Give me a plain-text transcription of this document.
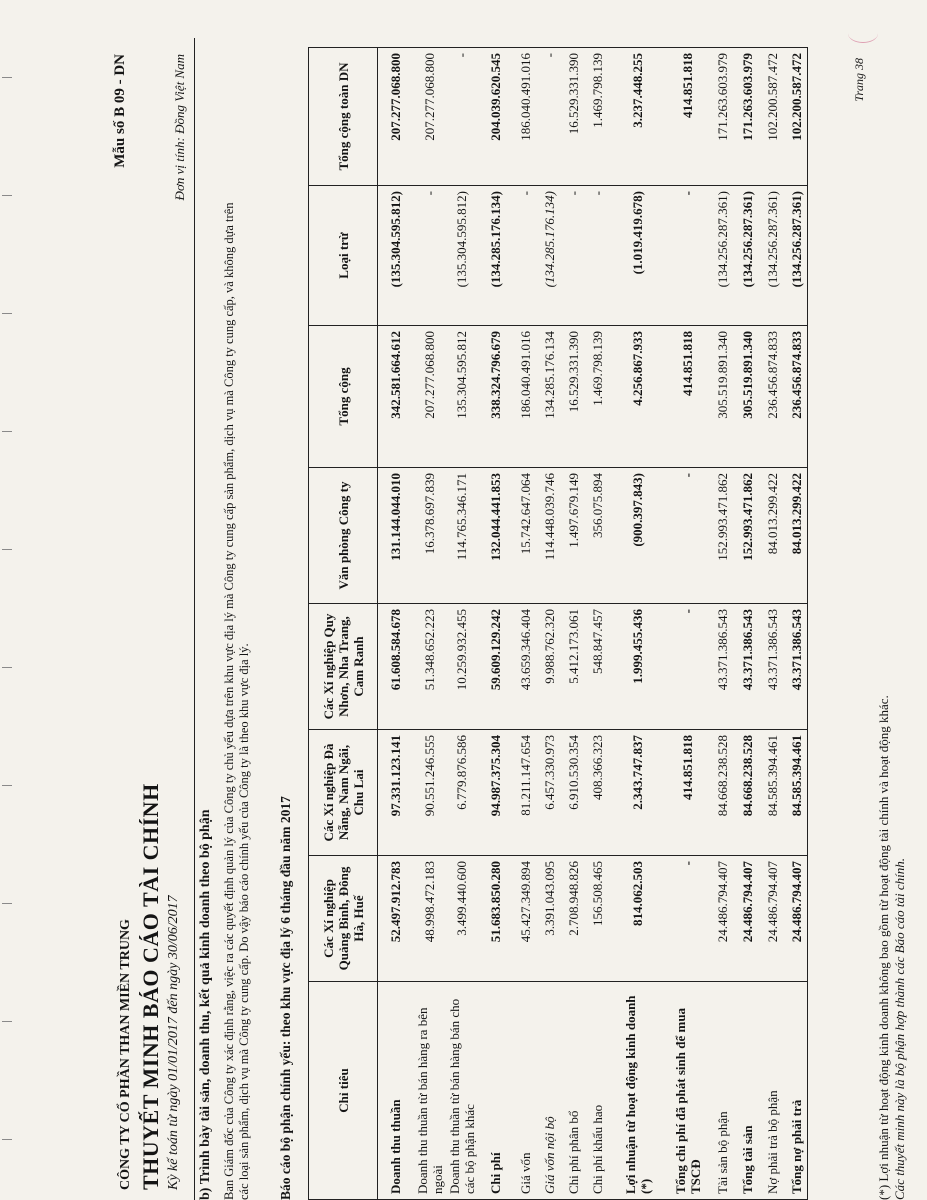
CÔNG TY CỔ PHẦN THAN MIỀN TRUNG
Mẫu số B 09 - DN
THUYẾT MINH BÁO CÁO TÀI CHÍNH Kỳ kế toán từ ngày 01/01/2017 đến ngày 30/06/2017
Đơn vị tính: Đồng Việt Nam
b) Trình bày tài sản, doanh thu, kết quả kinh doanh theo bộ phận Ban Giám đốc của Công ty xác định rằng, việc ra các quyết định quản lý của Công ty chủ yếu dựa trên khu vực địa lý mà Công ty cung cấp sản phẩm, dịch vụ mà Công ty cung cấp, và không dựa trên các loại sản phẩm, dịch vụ mà Công ty cung cấp. Do vậy báo cáo chính yếu của Công ty là theo khu vực địa lý. Báo cáo bộ phận chính yếu: theo khu vực địa lý 6 tháng đầu năm 2017	Chỉ tiêu	Các Xí nghiệp Quảng Bình, Đông Hà, Huế	Các Xí nghiệp Đà Nẵng, Nam Ngãi, Chu Lai	Các Xí nghiệp Quy Nhơn, Nha Trang, Cam Ranh	Văn phòng Công ty	Tổng cộng	Loại trừ	Tổng cộng toàn DN
Doanh thu thuần	52.497.912.783	97.331.123.141	61.608.584.678	131.144.044.010	342.581.664.612	(135.304.595.812)	207.277.068.800
Doanh thu thuần từ bán hàng ra bên ngoài	48.998.472.183	90.551.246.555	51.348.652.223	16.378.697.839	207.277.068.800	-	207.277.068.800
Doanh thu thuần từ bán hàng bán cho các bộ phận khác	3.499.440.600	6.779.876.586	10.259.932.455	114.765.346.171	135.304.595.812	(135.304.595.812)	-
Chi phí	51.683.850.280	94.987.375.304	59.609.129.242	132.044.441.853	338.324.796.679	(134.285.176.134)	204.039.620.545
Giá vốn	45.427.349.894	81.211.147.654	43.659.346.404	15.742.647.064	186.040.491.016	-	186.040.491.016
Giá vốn nội bộ	3.391.043.095	6.457.330.973	9.988.762.320	114.448.039.746	134.285.176.134	(134.285.176.134)	-
Chi phí phân bổ	2.708.948.826	6.910.530.354	5.412.173.061	1.497.679.149	16.529.331.390	-	16.529.331.390
Chi phí khấu hao	156.508.465	408.366.323	548.847.457	356.075.894	1.469.798.139	-	1.469.798.139
Lợi nhuận từ hoạt động kinh doanh (*)	814.062.503	2.343.747.837	1.999.455.436	(900.397.843)	4.256.867.933	(1.019.419.678)	3.237.448.255
Tổng chi phí đã phát sinh để mua TSCĐ	-	414.851.818	-	-	414.851.818	-	414.851.818
Tài sản bộ phận	24.486.794.407	84.668.238.528	43.371.386.543	152.993.471.862	305.519.891.340	(134.256.287.361)	171.263.603.979
Tổng tài sản	24.486.794.407	84.668.238.528	43.371.386.543	152.993.471.862	305.519.891.340	(134.256.287.361)	171.263.603.979
Nợ phải trả bộ phận	24.486.794.407	84.585.394.461	43.371.386.543	84.013.299.422	236.456.874.833	(134.256.287.361)	102.200.587.472
Tổng nợ phải trả	24.486.794.407	84.585.394.461	43.371.386.543	84.013.299.422	236.456.874.833	(134.256.287.361)	102.200.587.472
(*) Lợi nhuận từ hoạt động kinh doanh không bao gồm từ hoạt động tài chính và hoạt động khác. Các thuyết minh này là bộ phận hợp thành các Báo cáo tài chính.
Trang 38
